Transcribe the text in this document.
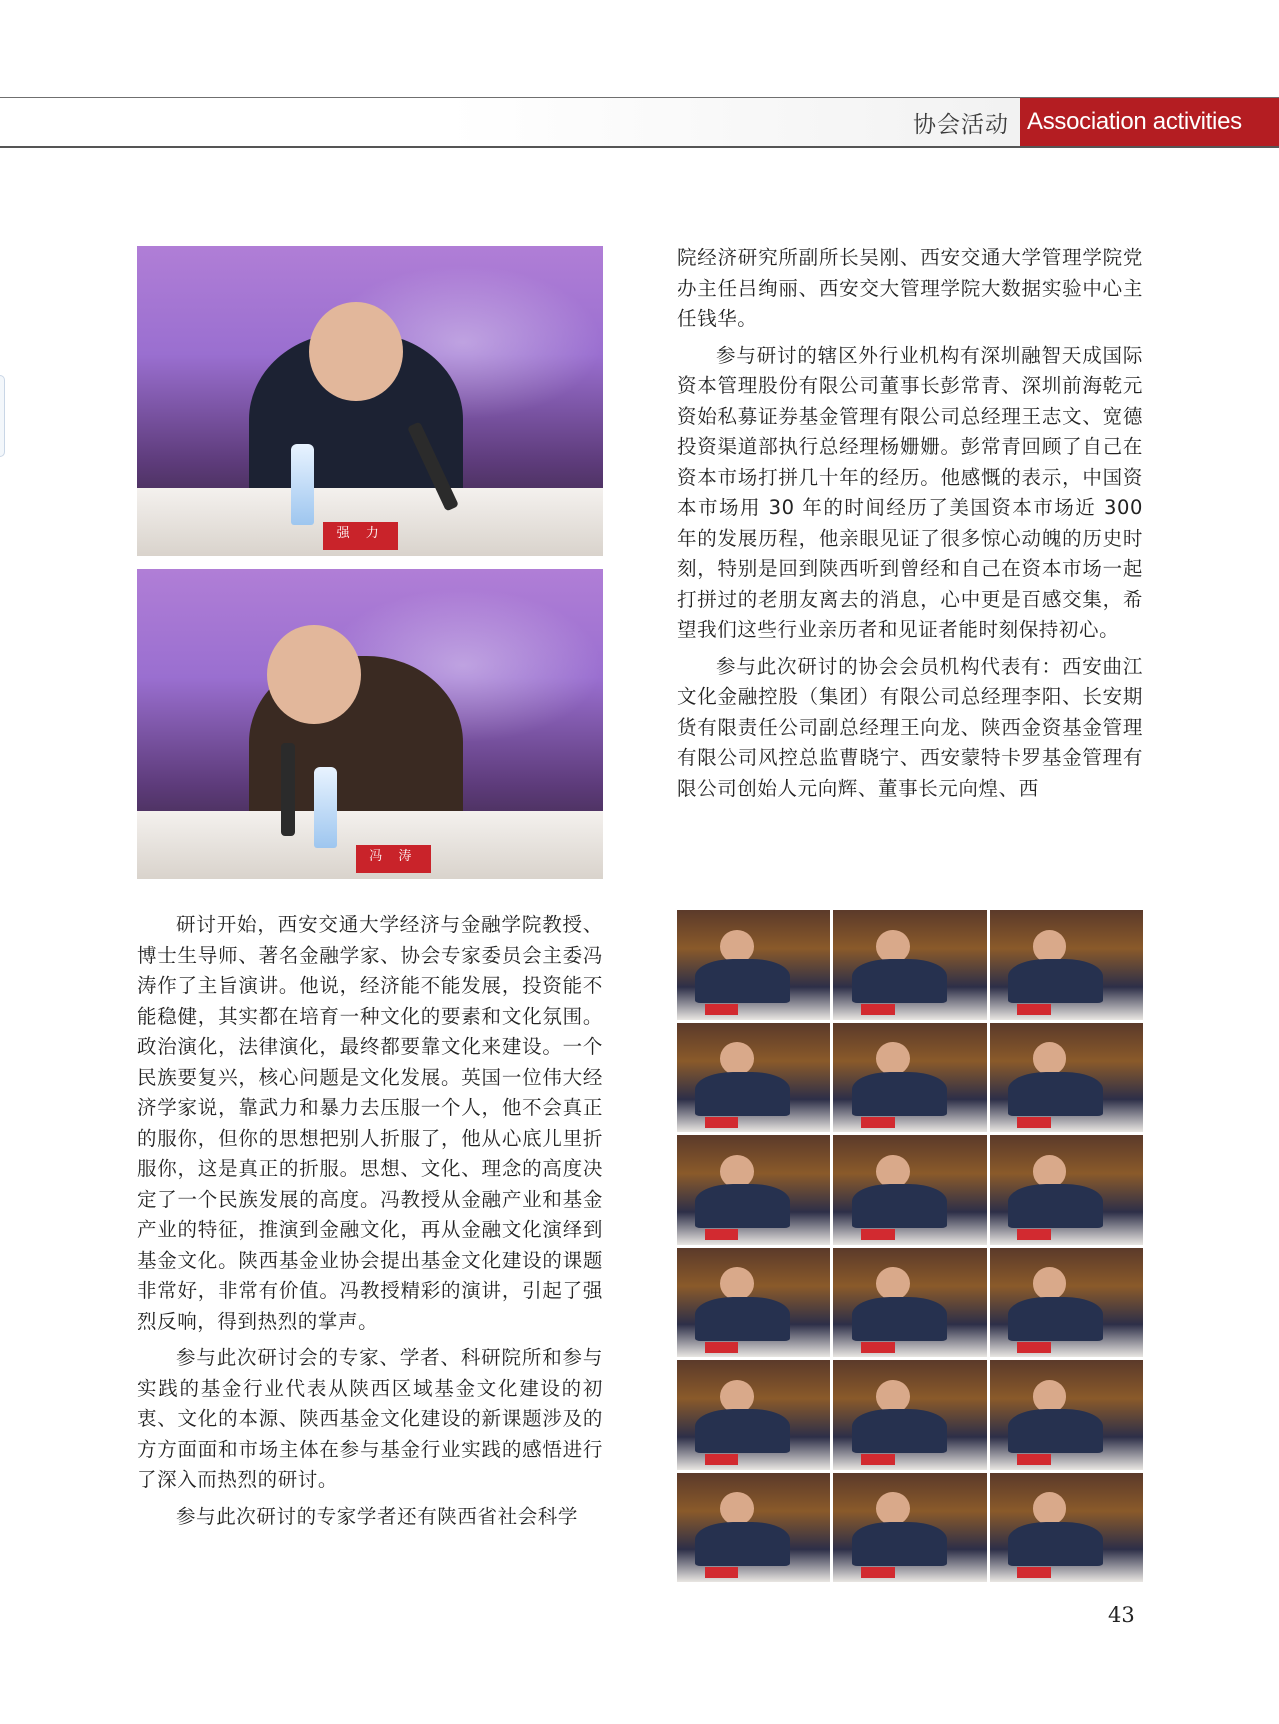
协会活动 Association activities
强 力
冯 涛

院经济研究所副所长吴刚、西安交通大学管理学院党办主任吕绚丽、西安交大管理学院大数据实验中心主任钱华。

参与研讨的辖区外行业机构有深圳融智天成国际资本管理股份有限公司董事长彭常青、深圳前海乾元资始私募证券基金管理有限公司总经理王志文、宽德投资渠道部执行总经理杨姗姗。彭常青回顾了自己在资本市场打拼几十年的经历。他感慨的表示，中国资本市场用 30 年的时间经历了美国资本市场近 300 年的发展历程，他亲眼见证了很多惊心动魄的历史时刻，特别是回到陕西听到曾经和自己在资本市场一起打拼过的老朋友离去的消息，心中更是百感交集，希望我们这些行业亲历者和见证者能时刻保持初心。

参与此次研讨的协会会员机构代表有：西安曲江文化金融控股（集团）有限公司总经理李阳、长安期货有限责任公司副总经理王向龙、陕西金资基金管理有限公司风控总监曹晓宁、西安蒙特卡罗基金管理有限公司创始人元向辉、董事长元向煌、西

研讨开始，西安交通大学经济与金融学院教授、博士生导师、著名金融学家、协会专家委员会主委冯涛作了主旨演讲。他说，经济能不能发展，投资能不能稳健，其实都在培育一种文化的要素和文化氛围。政治演化，法律演化，最终都要靠文化来建设。一个民族要复兴，核心问题是文化发展。英国一位伟大经济学家说，靠武力和暴力去压服一个人，他不会真正的服你，但你的思想把别人折服了，他从心底儿里折服你，这是真正的折服。思想、文化、理念的高度决定了一个民族发展的高度。冯教授从金融产业和基金产业的特征，推演到金融文化，再从金融文化演绎到基金文化。陕西基金业协会提出基金文化建设的课题非常好，非常有价值。冯教授精彩的演讲，引起了强烈反响，得到热烈的掌声。

参与此次研讨会的专家、学者、科研院所和参与实践的基金行业代表从陕西区域基金文化建设的初衷、文化的本源、陕西基金文化建设的新课题涉及的方方面面和市场主体在参与基金行业实践的感悟进行了深入而热烈的研讨。

参与此次研讨的专家学者还有陕西省社会科学

43
